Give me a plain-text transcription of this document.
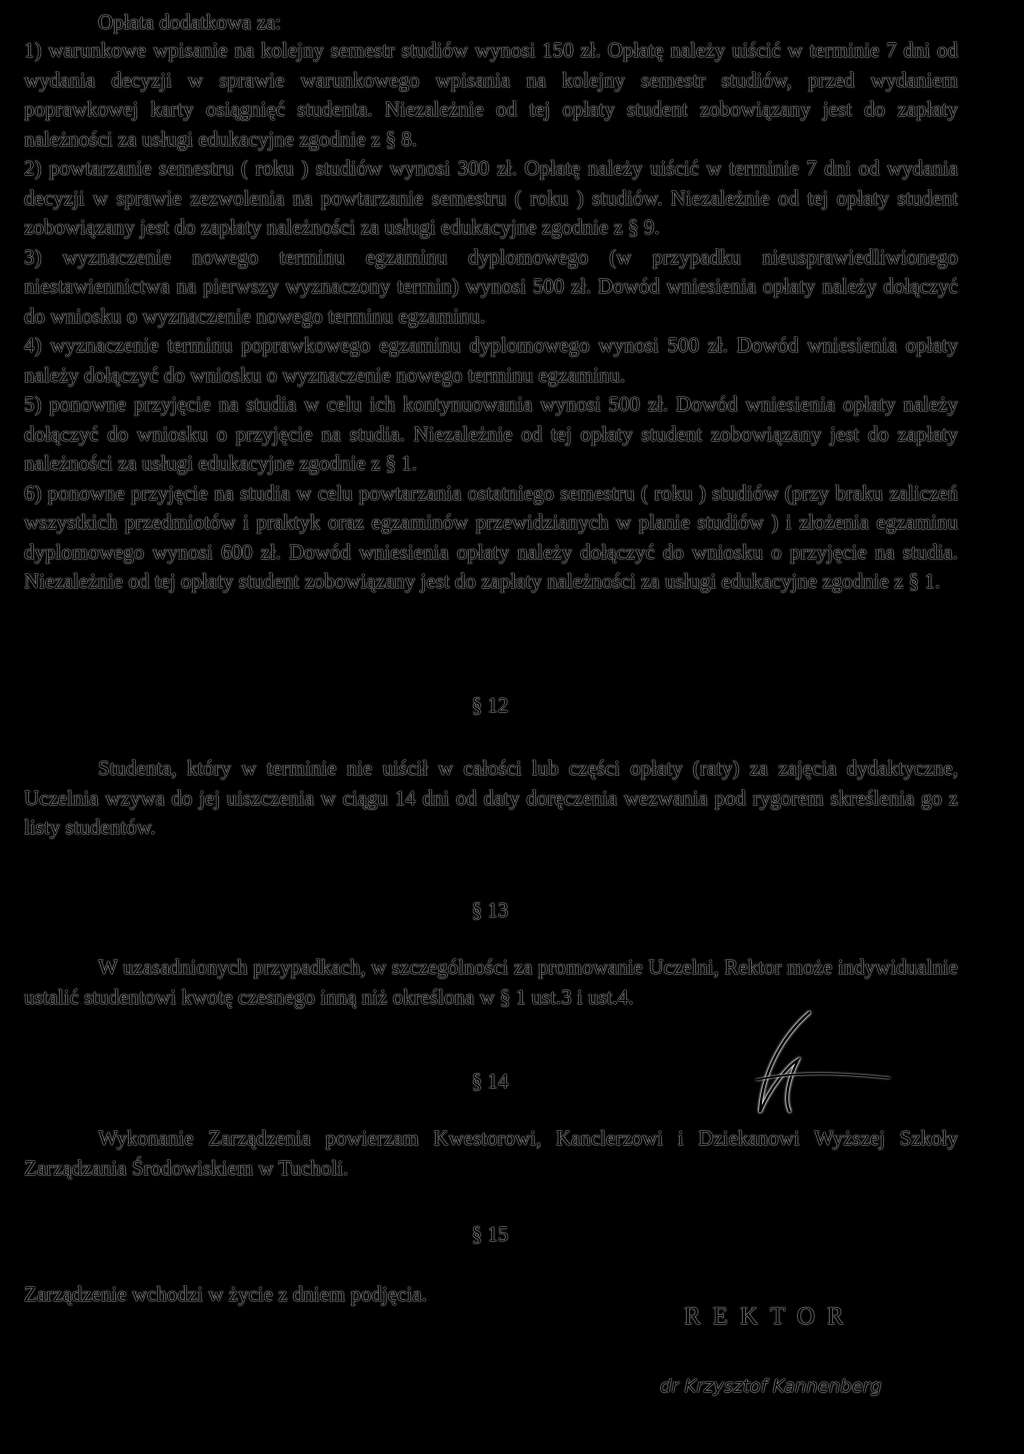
Opłata dodatkowa za:

1) warunkowe wpisanie na kolejny semestr studiów wynosi 150 zł. Opłatę należy uiścić w terminie 7 dni od wydania decyzji w sprawie warunkowego wpisania na kolejny semestr studiów, przed wydaniem poprawkowej karty osiągnięć studenta. Niezależnie od tej opłaty student zobowiązany jest do zapłaty należności za usługi edukacyjne zgodnie z § 8.

2) powtarzanie semestru ( roku ) studiów wynosi 300 zł. Opłatę należy uiścić w terminie 7 dni od wydania decyzji w sprawie zezwolenia na powtarzanie semestru ( roku ) studiów. Niezależnie od tej opłaty student zobowiązany jest do zapłaty należności za usługi edukacyjne zgodnie z § 9.

3) wyznaczenie nowego terminu egzaminu dyplomowego (w przypadku nieusprawiedliwionego niestawiennictwa na pierwszy wyznaczony termin) wynosi 500 zł. Dowód wniesienia opłaty należy dołączyć do wniosku o wyznaczenie nowego terminu egzaminu.

4) wyznaczenie terminu poprawkowego egzaminu dyplomowego wynosi 500 zł. Dowód wniesienia opłaty należy dołączyć do wniosku o wyznaczenie nowego terminu egzaminu.

5) ponowne przyjęcie na studia w celu ich kontynuowania wynosi 500 zł. Dowód wniesienia opłaty należy dołączyć do wniosku o przyjęcie na studia. Niezależnie od tej opłaty student zobowiązany jest do zapłaty należności za usługi edukacyjne zgodnie z § 1.

6) ponowne przyjęcie na studia w celu powtarzania ostatniego semestru ( roku ) studiów (przy braku zaliczeń wszystkich przedmiotów i praktyk oraz egzaminów przewidzianych w planie studiów ) i złożenia egzaminu dyplomowego wynosi 600 zł. Dowód wniesienia opłaty należy dołączyć do wniosku o przyjęcie na studia. Niezależnie od tej opłaty student zobowiązany jest do zapłaty należności za usługi edukacyjne zgodnie z § 1.

§ 12

Studenta, który w terminie nie uiścił w całości lub części opłaty (raty) za zajęcia dydaktyczne, Uczelnia wzywa do jej uiszczenia w ciągu 14 dni od daty doręczenia wezwania pod rygorem skreślenia go z listy studentów.

§ 13

W uzasadnionych przypadkach, w szczególności za promowanie Uczelni, Rektor może indywidualnie ustalić studentowi kwotę czesnego inną niż określona w § 1 ust.3 i ust.4.

§ 14

Wykonanie Zarządzenia powierzam Kwestorowi, Kanclerzowi i Dziekanowi Wyższej Szkoły Zarządzania Środowiskiem w Tucholi.

§ 15

Zarządzenie wchodzi w życie z dniem podjęcia.

REKTOR
dr Krzysztof Kannenberg
